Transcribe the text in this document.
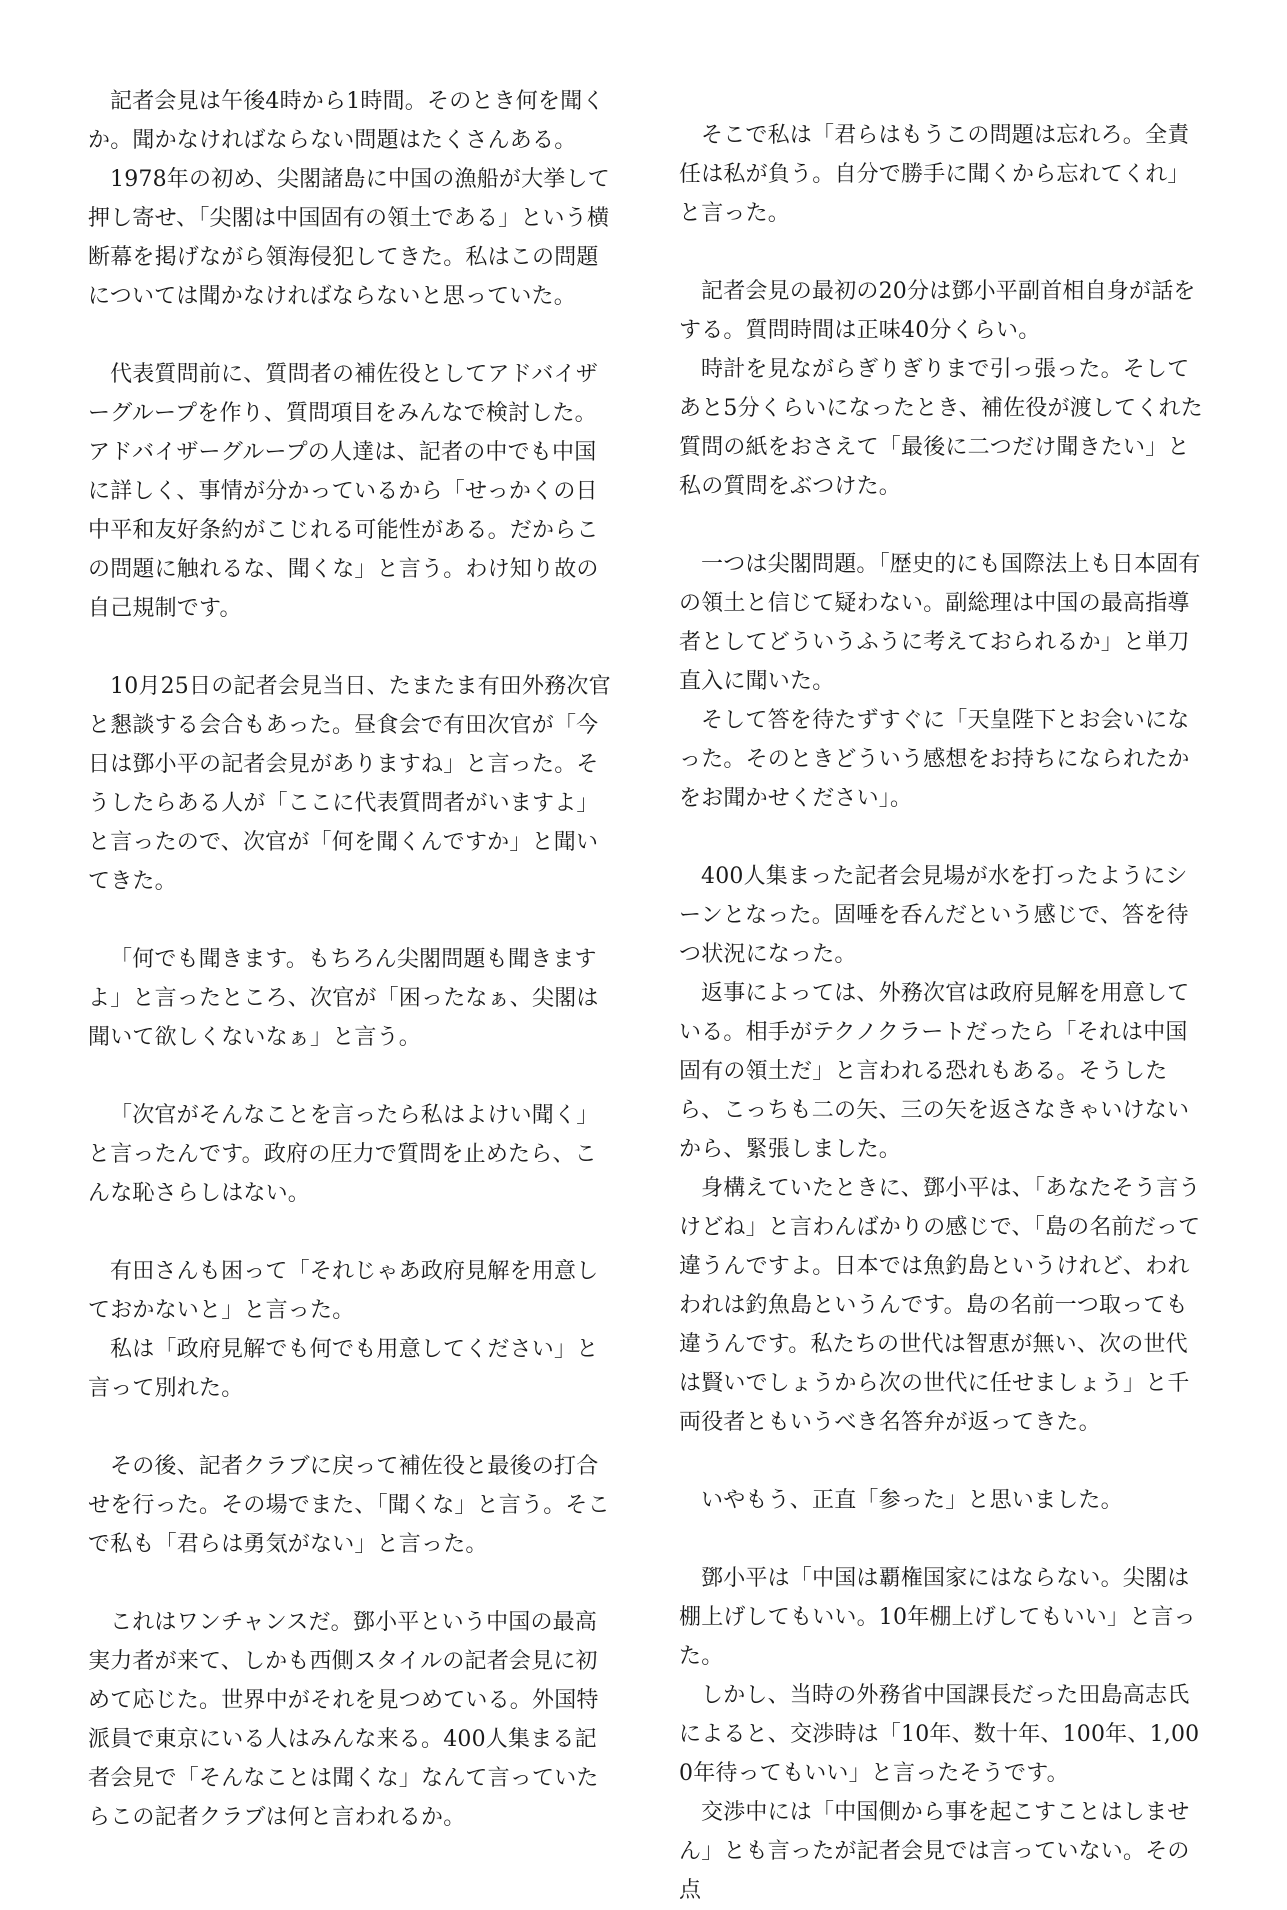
記者会見は午後4時から1時間。そのとき何を聞くか。聞かなければならない問題はたくさんある。

1978年の初め、尖閣諸島に中国の漁船が大挙して押し寄せ、「尖閣は中国固有の領土である」という横断幕を掲げながら領海侵犯してきた。私はこの問題については聞かなければならないと思っていた。

代表質問前に、質問者の補佐役としてアドバイザーグループを作り、質問項目をみんなで検討した。アドバイザーグループの人達は、記者の中でも中国に詳しく、事情が分かっているから「せっかくの日中平和友好条約がこじれる可能性がある。だからこの問題に触れるな、聞くな」と言う。わけ知り故の自己規制です。

10月25日の記者会見当日、たまたま有田外務次官と懇談する会合もあった。昼食会で有田次官が「今日は鄧小平の記者会見がありますね」と言った。そうしたらある人が「ここに代表質問者がいますよ」と言ったので、次官が「何を聞くんですか」と聞いてきた。

「何でも聞きます。もちろん尖閣問題も聞きますよ」と言ったところ、次官が「困ったなぁ、尖閣は聞いて欲しくないなぁ」と言う。

「次官がそんなことを言ったら私はよけい聞く」と言ったんです。政府の圧力で質問を止めたら、こんな恥さらしはない。

有田さんも困って「それじゃあ政府見解を用意しておかないと」と言った。

私は「政府見解でも何でも用意してください」と言って別れた。

その後、記者クラブに戻って補佐役と最後の打合せを行った。その場でまた、「聞くな」と言う。そこで私も「君らは勇気がない」と言った。

これはワンチャンスだ。鄧小平という中国の最高実力者が来て、しかも西側スタイルの記者会見に初めて応じた。世界中がそれを見つめている。外国特派員で東京にいる人はみんな来る。400人集まる記者会見で「そんなことは聞くな」なんて言っていたらこの記者クラブは何と言われるか。

そこで私は「君らはもうこの問題は忘れろ。全責任は私が負う。自分で勝手に聞くから忘れてくれ」と言った。

記者会見の最初の20分は鄧小平副首相自身が話をする。質問時間は正味40分くらい。

時計を見ながらぎりぎりまで引っ張った。そしてあと5分くらいになったとき、補佐役が渡してくれた質問の紙をおさえて「最後に二つだけ聞きたい」と私の質問をぶつけた。

一つは尖閣問題。「歴史的にも国際法上も日本固有の領土と信じて疑わない。副総理は中国の最高指導者としてどういうふうに考えておられるか」と単刀直入に聞いた。

そして答を待たずすぐに「天皇陛下とお会いになった。そのときどういう感想をお持ちになられたかをお聞かせください」。

400人集まった記者会見場が水を打ったようにシーンとなった。固唾を呑んだという感じで、答を待つ状況になった。

返事によっては、外務次官は政府見解を用意している。相手がテクノクラートだったら「それは中国固有の領土だ」と言われる恐れもある。そうしたら、こっちも二の矢、三の矢を返さなきゃいけないから、緊張しました。

身構えていたときに、鄧小平は、「あなたそう言うけどね」と言わんばかりの感じで、「島の名前だって違うんですよ。日本では魚釣島というけれど、われわれは釣魚島というんです。島の名前一つ取っても違うんです。私たちの世代は智恵が無い、次の世代は賢いでしょうから次の世代に任せましょう」と千両役者ともいうべき名答弁が返ってきた。

いやもう、正直「参った」と思いました。

鄧小平は「中国は覇権国家にはならない。尖閣は棚上げしてもいい。10年棚上げしてもいい」と言った。

しかし、当時の外務省中国課長だった田島高志氏によると、交渉時は「10年、数十年、100年、1,000年待ってもいい」と言ったそうです。

交渉中には「中国側から事を起こすことはしません」とも言ったが記者会見では言っていない。その点
